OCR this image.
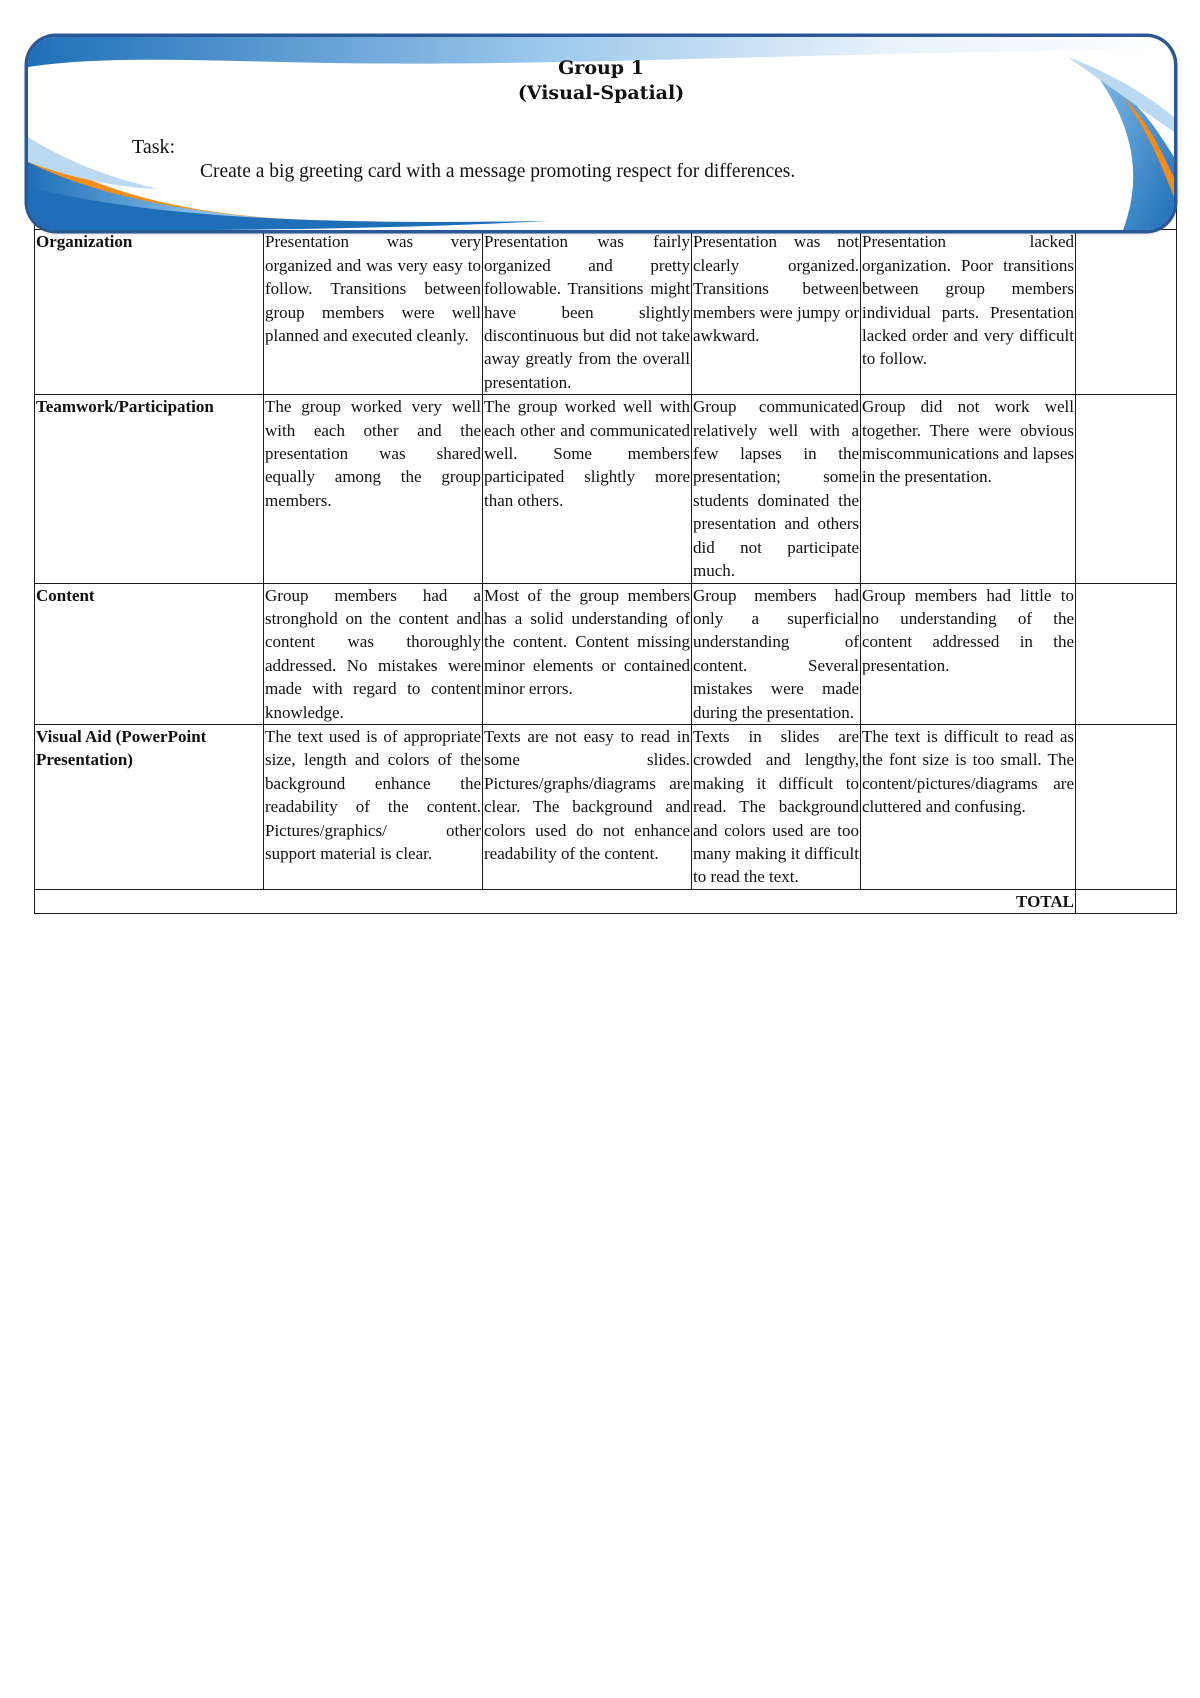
Organization	Presentation was very organized and was very easy to follow. Transitions between group members were well planned and executed cleanly.	Presentation was fairly organized and pretty followable. Transitions might have been slightly discontinuous but did not take away greatly from the overall presentation.	Presentation was not clearly organized. Transitions between members were jumpy or awkward.	Presentation lacked organization. Poor transitions between group members individual parts. Presentation lacked order and very difficult to follow.	
Teamwork/Participation	The group worked very well with each other and the presentation was shared equally among the group members.	The group worked well with each other and communicated well. Some members participated slightly more than others.	Group communicated relatively well with a few lapses in the presentation; some students dominated the presentation and others did not participate much.	Group did not work well together. There were obvious miscommunications and lapses in the presentation.	
Content	Group members had a stronghold on the content and content was thoroughly addressed. No mistakes were made with regard to content knowledge.	Most of the group members has a solid understanding of the content. Content missing minor elements or contained minor errors.	Group members had only a superficial understanding of content. Several mistakes were made during the presentation.	Group members had little to no understanding of the content addressed in the presentation.	
Visual Aid (PowerPoint Presentation)	The text used is of appropriate size, length and colors of the background enhance the readability of the content. Pictures/graphics/ other support material is clear.	Texts are not easy to read in some slides. Pictures/graphs/diagrams are clear. The background and colors used do not enhance readability of the content.	Texts in slides are crowded and lengthy, making it difficult to read. The background and colors used are too many making it difficult to read the text.	The text is difficult to read as the font size is too small. The content/pictures/diagrams are cluttered and confusing.	
TOTAL					
Group 1
(Visual-Spatial)
Task:
Create a big greeting card with a message promoting respect for differences.
